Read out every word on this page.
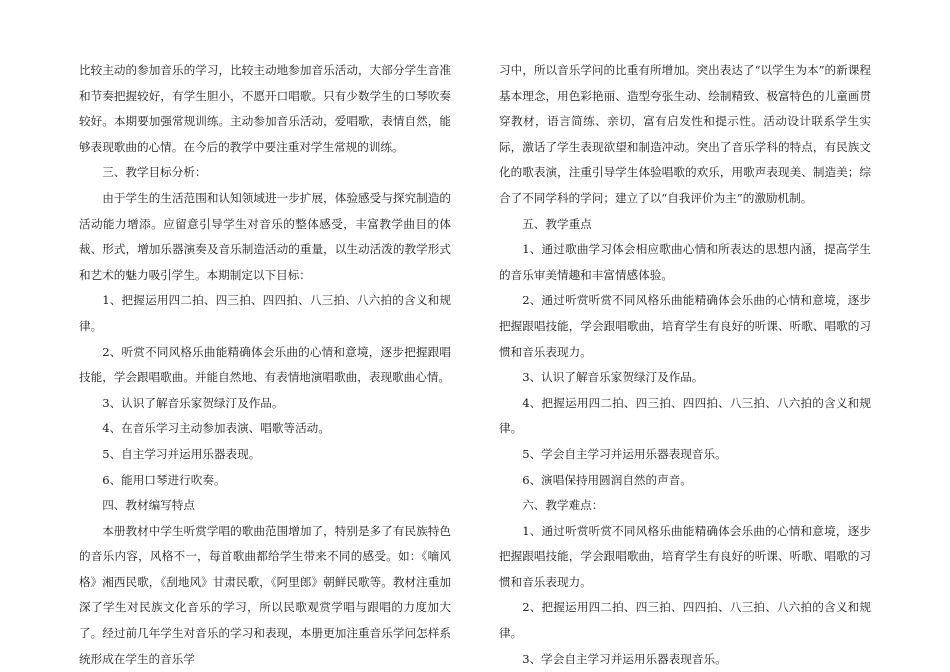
比较主动的参加音乐的学习，比较主动地参加音乐活动，大部分学生音准和节奏把握较好，有学生胆小，不愿开口唱歌。只有少数学生的口琴吹奏较好。本期要加强常规训练。主动参加音乐活动，爱唱歌，表情自然，能够表现歌曲的心情。在今后的教学中要注重对学生常规的训练。

三、教学目标分析：

由于学生的生活范围和认知领域进一步扩展，体验感受与探究制造的活动能力增添。应留意引导学生对音乐的整体感受，丰富教学曲目的体裁、形式，增加乐器演奏及音乐制造活动的重量，以生动活泼的教学形式和艺术的魅力吸引学生。本期制定以下目标：

1、把握运用四二拍、四三拍、四四拍、八三拍、八六拍的含义和规律。

2、听赏不同风格乐曲能精确体会乐曲的心情和意境，逐步把握跟唱技能，学会跟唱歌曲。并能自然地、有表情地演唱歌曲，表现歌曲心情。

3、认识了解音乐家贺绿汀及作品。

4、在音乐学习主动参加表演、唱歌等活动。

5、自主学习并运用乐器表现。

6、能用口琴进行吹奏。

四、教材编写特点

本册教材中学生听赏学唱的歌曲范围增加了，特别是多了有民族特色的音乐内容，风格不一，每首歌曲都给学生带来不同的感受。如：《嘀风格》湘西民歌，《刮地风》甘肃民歌，《阿里郎》朝鲜民歌等。教材注重加深了学生对民族文化音乐的学习，所以民歌观赏学唱与跟唱的力度加大了。经过前几年学生对音乐的学习和表现，本册更加注重音乐学问怎样系统形成在学生的音乐学

习中，所以音乐学问的比重有所增加。突出表达了“以学生为本”的新课程基本理念，用色彩艳丽、造型夸张生动、绘制精致、极富特色的儿童画贯穿教材，语言简练、亲切，富有启发性和提示性。活动设计联系学生实际，激话了学生表现欲望和制造冲动。突出了音乐学科的特点，有民族文化的歌表演，注重引导学生体验唱歌的欢乐，用歌声表现美、制造美；综合了不同学科的学问；建立了以“自我评价为主”的激励机制。

五、教学重点

1、通过歌曲学习体会相应歌曲心情和所表达的思想内涵，提高学生的音乐审美情趣和丰富情感体验。

2、通过听赏听赏不同风格乐曲能精确体会乐曲的心情和意境，逐步把握跟唱技能，学会跟唱歌曲，培育学生有良好的听课、听歌、唱歌的习惯和音乐表现力。

3、认识了解音乐家贺绿汀及作品。

4、把握运用四二拍、四三拍、四四拍、八三拍、八六拍的含义和规律。

5、学会自主学习并运用乐器表现音乐。

6、演唱保持用圆润自然的声音。

六、教学难点：

1、通过听赏听赏不同风格乐曲能精确体会乐曲的心情和意境，逐步把握跟唱技能，学会跟唱歌曲，培育学生有良好的听课、听歌、唱歌的习惯和音乐表现力。

2、把握运用四二拍、四三拍、四四拍、八三拍、八六拍的含义和规律。

3、学会自主学习并运用乐器表现音乐。
